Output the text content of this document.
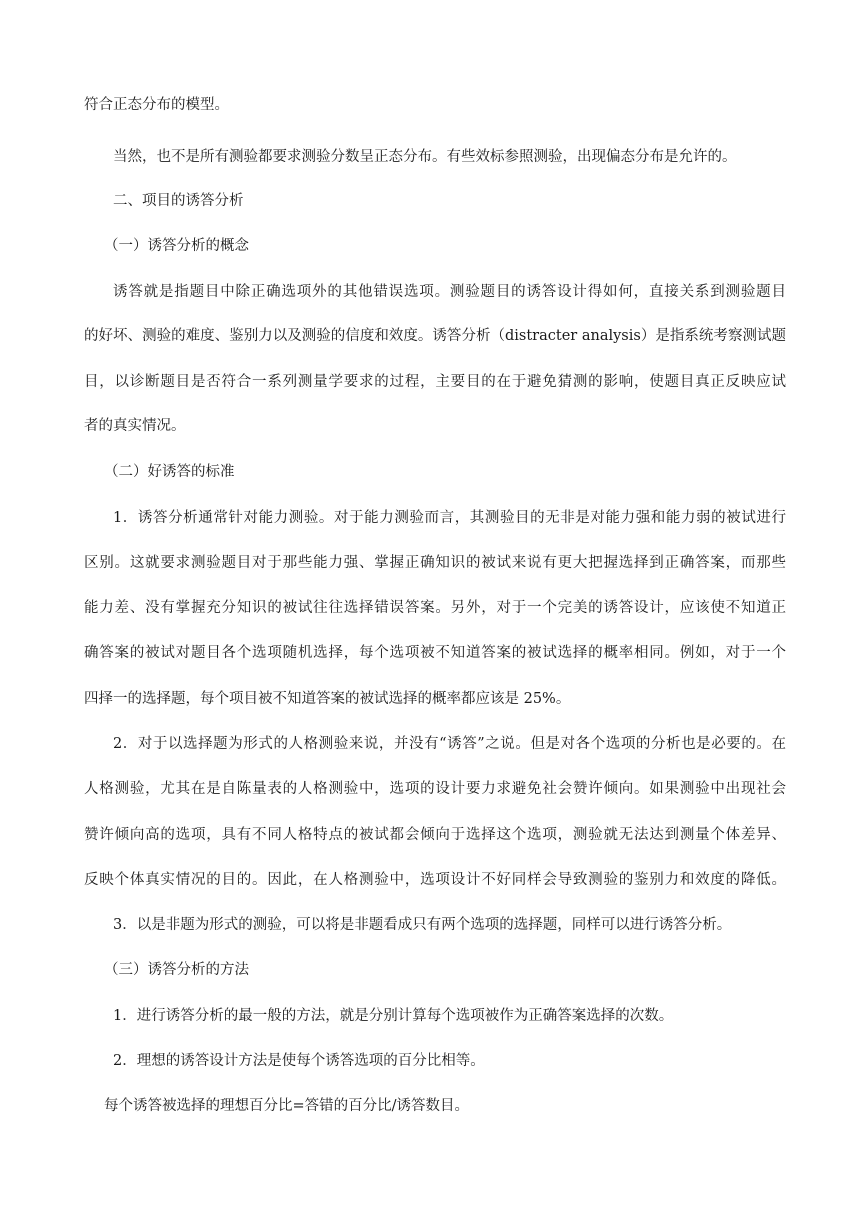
符合正态分布的模型。
当然，也不是所有测验都要求测验分数呈正态分布。有些效标参照测验，出现偏态分布是允许的。
二、项目的诱答分析
（一）诱答分析的概念
诱答就是指题目中除正确选项外的其他错误选项。测验题目的诱答设计得如何，直接关系到测验题目
的好坏、测验的难度、鉴别力以及测验的信度和效度。诱答分析（distracter analysis）是指系统考察测试题
目，以诊断题目是否符合一系列测量学要求的过程，主要目的在于避免猜测的影响，使题目真正反映应试
者的真实情况。
（二）好诱答的标准
1．诱答分析通常针对能力测验。对于能力测验而言，其测验目的无非是对能力强和能力弱的被试进行
区别。这就要求测验题目对于那些能力强、掌握正确知识的被试来说有更大把握选择到正确答案，而那些
能力差、没有掌握充分知识的被试往往选择错误答案。另外，对于一个完美的诱答设计，应该使不知道正
确答案的被试对题目各个选项随机选择，每个选项被不知道答案的被试选择的概率相同。例如，对于一个
四择一的选择题，每个项目被不知道答案的被试选择的概率都应该是 25%。
2．对于以选择题为形式的人格测验来说，并没有“诱答”之说。但是对各个选项的分析也是必要的。在
人格测验，尤其在是自陈量表的人格测验中，选项的设计要力求避免社会赞许倾向。如果测验中出现社会
赞许倾向高的选项，具有不同人格特点的被试都会倾向于选择这个选项，测验就无法达到测量个体差异、
反映个体真实情况的目的。因此，在人格测验中，选项设计不好同样会导致测验的鉴别力和效度的降低。
3．以是非题为形式的测验，可以将是非题看成只有两个选项的选择题，同样可以进行诱答分析。
（三）诱答分析的方法
1．进行诱答分析的最一般的方法，就是分别计算每个选项被作为正确答案选择的次数。
2．理想的诱答设计方法是使每个诱答选项的百分比相等。
每个诱答被选择的理想百分比=答错的百分比/诱答数目。
